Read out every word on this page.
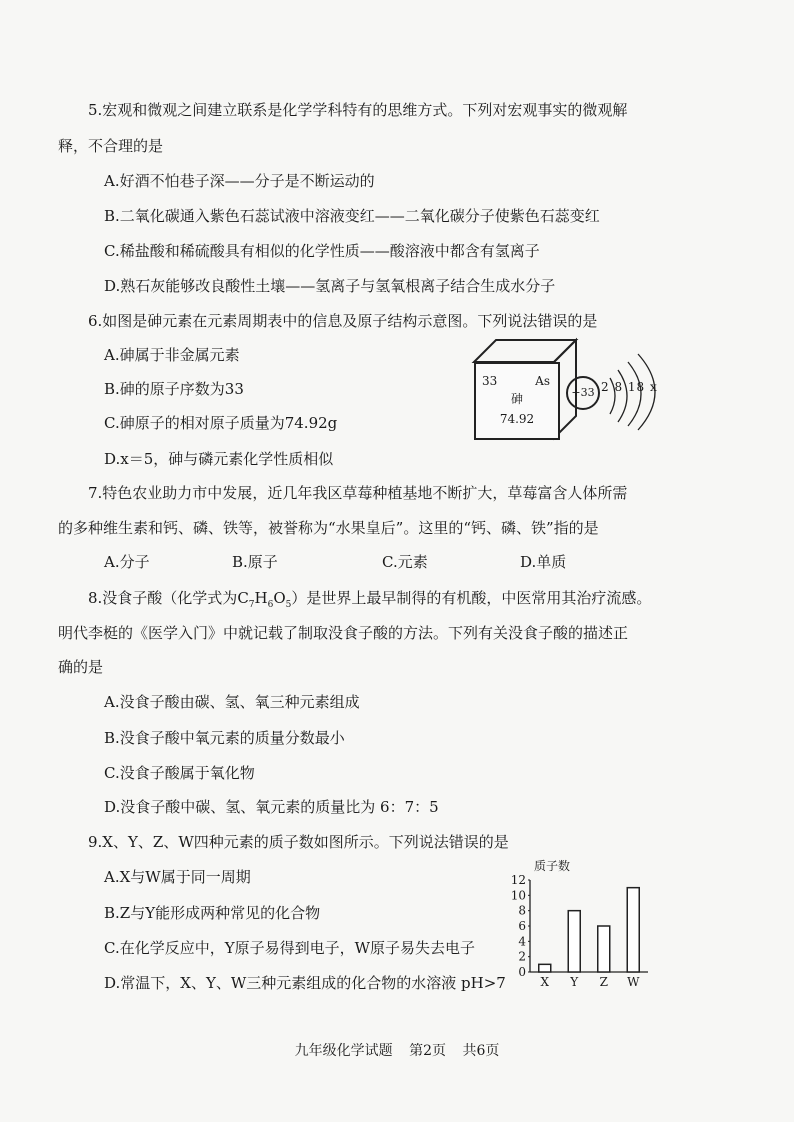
5.宏观和微观之间建立联系是化学学科特有的思维方式。下列对宏观事实的微观解
释，不合理的是
A.好酒不怕巷子深——分子是不断运动的
B.二氧化碳通入紫色石蕊试液中溶液变红——二氧化碳分子使紫色石蕊变红
C.稀盐酸和稀硫酸具有相似的化学性质——酸溶液中都含有氢离子
D.熟石灰能够改良酸性土壤——氢离子与氢氧根离子结合生成水分子
6.如图是砷元素在元素周期表中的信息及原子结构示意图。下列说法错误的是
A.砷属于非金属元素
B.砷的原子序数为33
C.砷原子的相对原子质量为74.92g
D.x＝5，砷与磷元素化学性质相似
33	As
砷
74.92
+33 2 8 18 x
7.特色农业助力市中发展，近几年我区草莓种植基地不断扩大，草莓富含人体所需
的多种维生素和钙、磷、铁等，被誉称为“水果皇后”。这里的“钙、磷、铁”指的是
A.分子	B.原子	C.元素	D.单质
8.没食子酸（化学式为$C_7H_6O_5$）是世界上最早制得的有机酸，中医常用其治疗流感。
明代李梃的《医学入门》中就记载了制取没食子酸的方法。下列有关没食子酸的描述正
确的是
A.没食子酸由碳、氢、氧三种元素组成
B.没食子酸中氧元素的质量分数最小
C.没食子酸属于氧化物
D.没食子酸中碳、氢、氧元素的质量比为 6：7：5
9.X、Y、Z、W四种元素的质子数如图所示。下列说法错误的是
A.X与W属于同一周期
B.Z与Y能形成两种常见的化合物
C.在化学反应中，Y原子易得到电子，W原子易失去电子
D.常温下，X、Y、W三种元素组成的化合物的水溶液 pH>7
质子数
0
2
4
6
8
10
12
X Y Z W
九年级化学试题 第2页 共6页
